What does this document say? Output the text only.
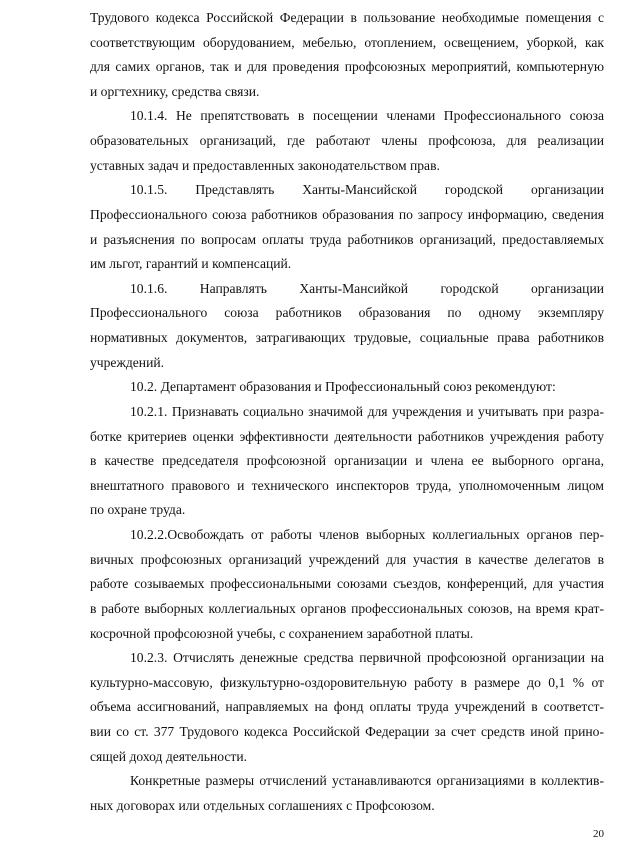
Трудового кодекса Российской Федерации в пользование необходимые помещения с
соответствующим оборудованием, мебелью, отоплением, освещением, уборкой, как
для самих органов, так и для проведения профсоюзных мероприятий, компьютерную
и оргтехнику, средства связи.
10.1.4. Не препятствовать в посещении членами Профессионального союза
образовательных организаций, где работают члены профсоюза, для реализации
уставных задач и предоставленных законодательством прав.
10.1.5. Представлять Ханты-Мансийской городской организации
Профессионального союза работников образования по запросу информацию, сведения
и разъяснения по вопросам оплаты труда работников организаций, предоставляемых
им льгот, гарантий и компенсаций.
10.1.6. Направлять Ханты-Мансийкой городской организации
Профессионального союза работников образования по одному экземпляру
нормативных документов, затрагивающих трудовые, социальные права работников
учреждений.
10.2. Департамент образования и Профессиональный союз рекомендуют:
10.2.1. Признавать социально значимой для учреждения и учитывать при разра-
ботке критериев оценки эффективности деятельности работников учреждения работу
в качестве председателя профсоюзной организации и члена ее выборного органа,
внештатного правового и технического инспекторов труда, уполномоченным лицом
по охране труда.
10.2.2.Освобождать от работы членов выборных коллегиальных органов пер-
вичных профсоюзных организаций учреждений для участия в качестве делегатов в
работе созываемых профессиональными союзами съездов, конференций, для участия
в работе выборных коллегиальных органов профессиональных союзов, на время крат-
косрочной профсоюзной учебы, с сохранением заработной платы.
10.2.3. Отчислять денежные средства первичной профсоюзной организации на
культурно-массовую, физкультурно-оздоровительную работу в размере до 0,1 % от
объема ассигнований, направляемых на фонд оплаты труда учреждений в соответст-
вии со ст. 377 Трудового кодекса Российской Федерации за счет средств иной прино-
сящей доход деятельности.
Конкретные размеры отчислений устанавливаются организациями в коллектив-
ных договорах или отдельных соглашениях с Профсоюзом.
20
